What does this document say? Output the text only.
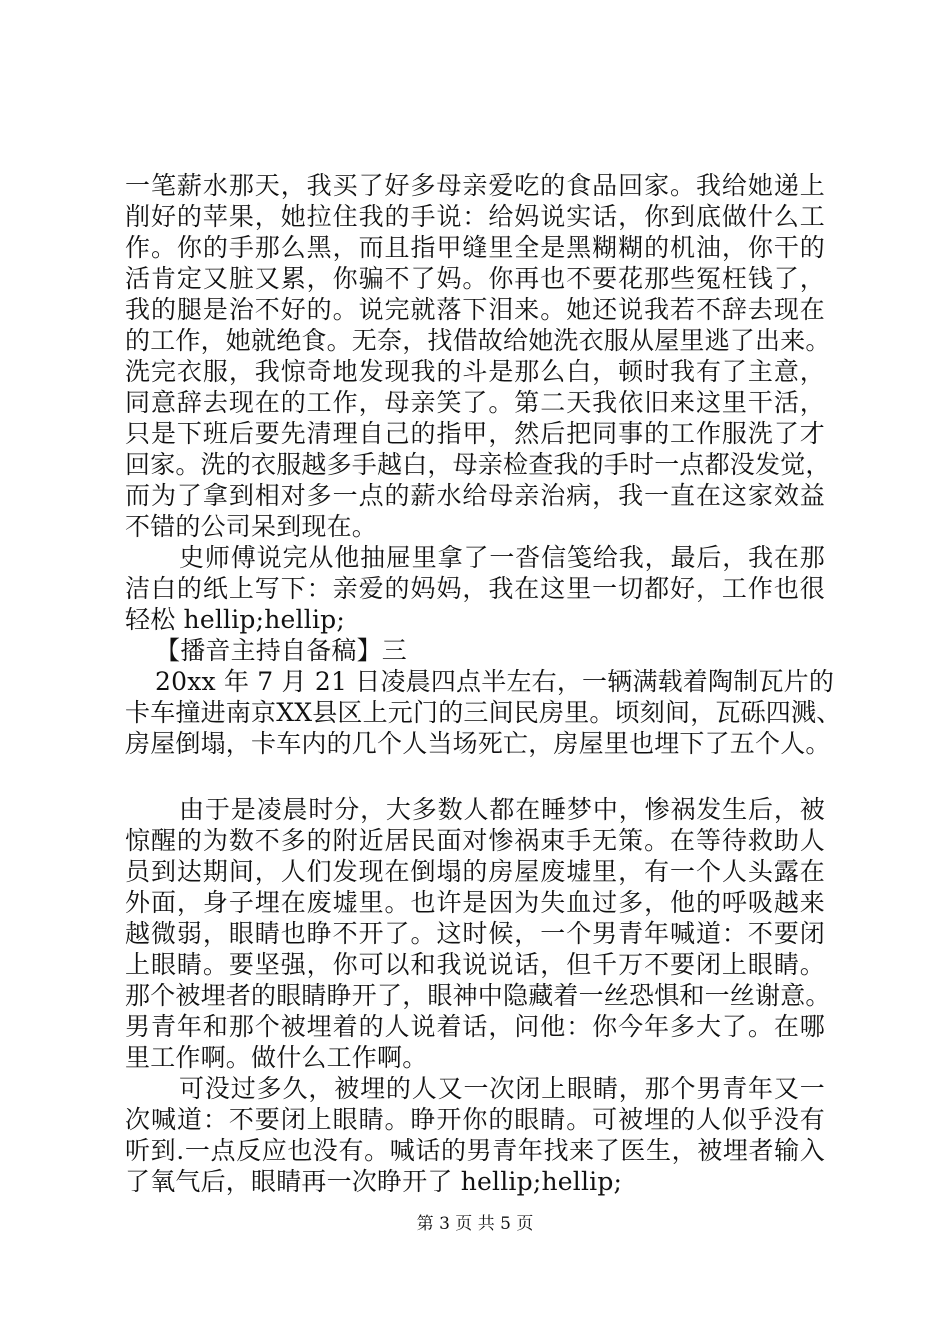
一笔薪水那天，我买了好多母亲爱吃的食品回家。我给她递上
削好的苹果，她拉住我的手说：给妈说实话，你到底做什么工
作。你的手那么黑，而且指甲缝里全是黑糊糊的机油，你干的
活肯定又脏又累，你骗不了妈。你再也不要花那些冤枉钱了，
我的腿是治不好的。说完就落下泪来。她还说我若不辞去现在
的工作，她就绝食。无奈，找借故给她洗衣服从屋里逃了出来。
洗完衣服，我惊奇地发现我的斗是那么白，顿时我有了主意，
同意辞去现在的工作，母亲笑了。第二天我依旧来这里干活，
只是下班后要先清理自己的指甲，然后把同事的工作服洗了才
回家。洗的衣服越多手越白，母亲检查我的手时一点都没发觉，
而为了拿到相对多一点的薪水给母亲治病，我一直在这家效益
不错的公司呆到现在。
史师傅说完从他抽屉里拿了一沓信笺给我，最后，我在那
洁白的纸上写下：亲爱的妈妈，我在这里一切都好，工作也很
轻松 hellip;hellip;
【播音主持自备稿】三
20xx 年 7 月 21 日凌晨四点半左右，一辆满载着陶制瓦片的
卡车撞进南京XX县区上元门的三间民房里。顷刻间，瓦砾四溅、
房屋倒塌，卡车内的几个人当场死亡，房屋里也埋下了五个人。
由于是凌晨时分，大多数人都在睡梦中，惨祸发生后，被
惊醒的为数不多的附近居民面对惨祸束手无策。在等待救助人
员到达期间，人们发现在倒塌的房屋废墟里，有一个人头露在
外面，身子埋在废墟里。也许是因为失血过多，他的呼吸越来
越微弱，眼睛也睁不开了。这时候，一个男青年喊道：不要闭
上眼睛。要坚强，你可以和我说说话，但千万不要闭上眼睛。
那个被埋者的眼睛睁开了，眼神中隐藏着一丝恐惧和一丝谢意。
男青年和那个被埋着的人说着话，问他：你今年多大了。在哪
里工作啊。做什么工作啊。
可没过多久，被埋的人又一次闭上眼睛，那个男青年又一
次喊道：不要闭上眼睛。睁开你的眼睛。可被埋的人似乎没有
听到.一点反应也没有。喊话的男青年找来了医生，被埋者输入
了氧气后，眼睛再一次睁开了 hellip;hellip;
第 3 页 共 5 页
